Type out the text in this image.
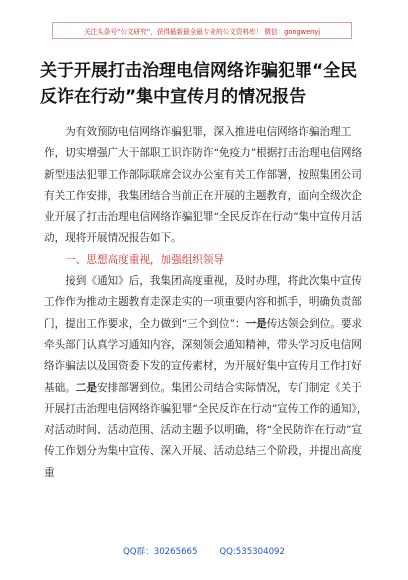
关注头条号“公文研究”，获得最新最全最专业的公文资料库！ 微信：gongwenyj
关于开展打击治理电信网络诈骗犯罪“全民反诈在行动”集中宣传月的情况报告

为有效预防电信网络诈骗犯罪，深入推进电信网络诈骗治理工作，切实增强广大干部职工识诈防诈“免疫力”根据打击治理电信网络新型违法犯罪工作部际联席会议办公室有关工作部署，按照集团公司有关工作安排，我集团结合当前正在开展的主题教育，面向全级次企业开展了打击治理电信网络诈骗犯罪“全民反诈在行动”集中宣传月活动，现将开展情况报告如下。

一、思想高度重视，加强组织领导

接到《通知》后，我集团高度重视，及时办理，将此次集中宣传工作作为推动主题教育走深走实的一项重要内容和抓手，明确负责部门，提出工作要求，全力做到“三个到位”：一是传达领会到位。要求牵头部门认真学习通知内容，深刻领会通知精神，带头学习反电信网络诈骗法以及国资委下发的宣传素材，为开展好集中宣传月工作打好基础。二是安排部署到位。集团公司结合实际情况，专门制定《关于开展打击治理电信网络诈骗犯罪“全民反诈在行动”宣传工作的通知》，对活动时间、活动范围、活动主题予以明确，将“全民防诈在行动”宣传工作划分为集中宣传、深入开展、活动总结三个阶段，并提出高度重

QQ群：30265665	QQ:535304092
